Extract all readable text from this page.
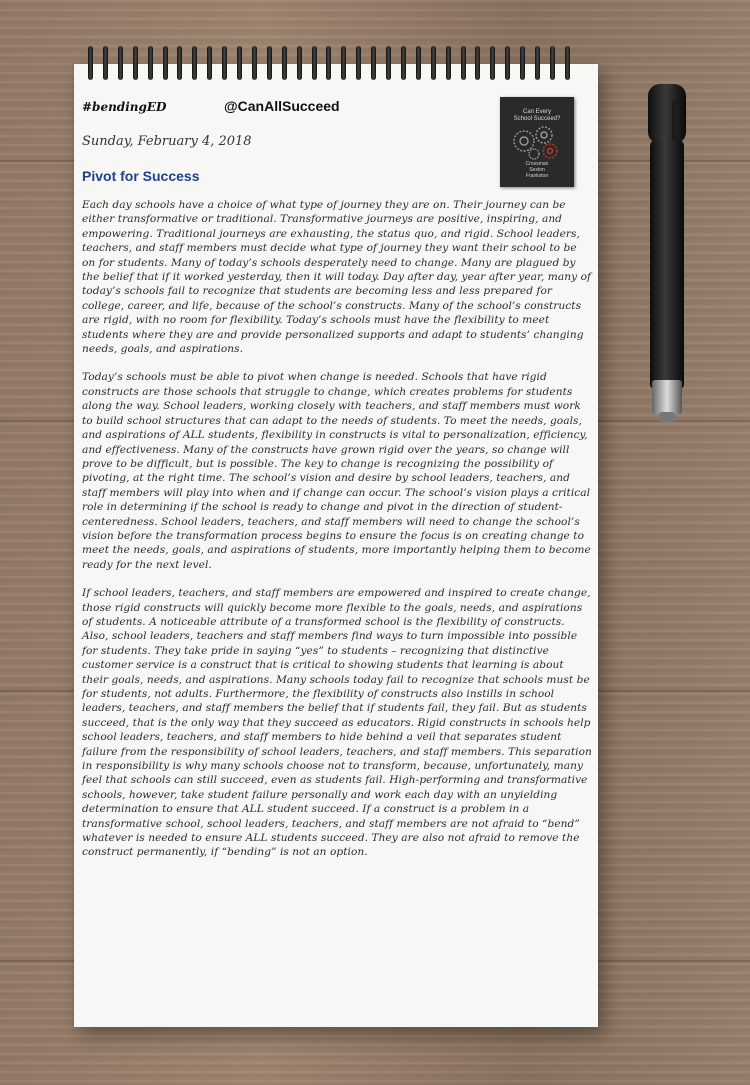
#bendingED	@CanAllSucceed
Sunday, February 4, 2018
Pivot for Success
Can Every
School Succeed?
Crossman
Sexton
Frankston

Each day schools have a choice of what type of journey they are on. Their journey can be either transformative or traditional. Transformative journeys are positive, inspiring, and empowering. Traditional journeys are exhausting, the status quo, and rigid. School leaders, teachers, and staff members must decide what type of journey they want their school to be on for students. Many of today’s schools desperately need to change. Many are plagued by the belief that if it worked yesterday, then it will today. Day after day, year after year, many of today’s schools fail to recognize that students are becoming less and less prepared for college, career, and life, because of the school’s constructs. Many of the school’s constructs are rigid, with no room for flexibility. Today’s schools must have the flexibility to meet students where they are and provide personalized supports and adapt to students’ changing needs, goals, and aspirations.

Today’s schools must be able to pivot when change is needed. Schools that have rigid constructs are those schools that struggle to change, which creates problems for students along the way. School leaders, working closely with teachers, and staff members must work to build school structures that can adapt to the needs of students. To meet the needs, goals, and aspirations of ALL students, flexibility in constructs is vital to personalization, efficiency, and effectiveness. Many of the constructs have grown rigid over the years, so change will prove to be difficult, but is possible. The key to change is recognizing the possibility of pivoting, at the right time. The school’s vision and desire by school leaders, teachers, and staff members will play into when and if change can occur. The school’s vision plays a critical role in determining if the school is ready to change and pivot in the direction of student-centeredness. School leaders, teachers, and staff members will need to change the school’s vision before the transformation process begins to ensure the focus is on creating change to meet the needs, goals, and aspirations of students, more importantly helping them to become ready for the next level.

If school leaders, teachers, and staff members are empowered and inspired to create change, those rigid constructs will quickly become more flexible to the goals, needs, and aspirations of students. A noticeable attribute of a transformed school is the flexibility of constructs. Also, school leaders, teachers and staff members find ways to turn impossible into possible for students. They take pride in saying “yes” to students – recognizing that distinctive customer service is a construct that is critical to showing students that learning is about their goals, needs, and aspirations. Many schools today fail to recognize that schools must be for students, not adults. Furthermore, the flexibility of constructs also instills in school leaders, teachers, and staff members the belief that if students fail, they fail. But as students succeed, that is the only way that they succeed as educators. Rigid constructs in schools help school leaders, teachers, and staff members to hide behind a veil that separates student failure from the responsibility of school leaders, teachers, and staff members. This separation in responsibility is why many schools choose not to transform, because, unfortunately, many feel that schools can still succeed, even as students fail. High-performing and transformative schools, however, take student failure personally and work each day with an unyielding determination to ensure that ALL student succeed. If a construct is a problem in a transformative school, school leaders, teachers, and staff members are not afraid to “bend” whatever is needed to ensure ALL students succeed. They are also not afraid to remove the construct permanently, if “bending” is not an option.
